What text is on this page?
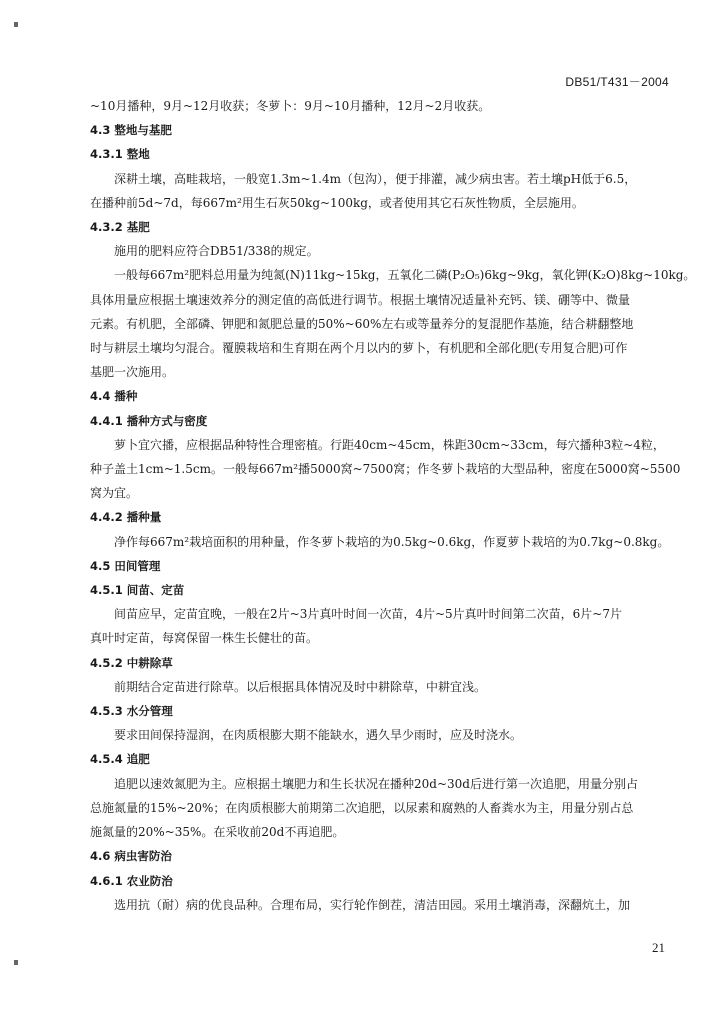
DB51/T431－2004

~10月播种，9月~12月收获；冬萝卜：9月~10月播种，12月~2月收获。

4.3 整地与基肥

4.3.1 整地

深耕土壤，高畦栽培，一般宽1.3m~1.4m（包沟），便于排灌，减少病虫害。若土壤pH低于6.5，

在播种前5d~7d，每667m²用生石灰50kg~100kg，或者使用其它石灰性物质，全层施用。

4.3.2 基肥

施用的肥料应符合DB51/338的规定。

一般每667m²肥料总用量为纯氮(N)11kg~15kg，五氧化二磷(P₂O₅)6kg~9kg，氧化钾(K₂O)8kg~10kg。

具体用量应根据土壤速效养分的测定值的高低进行调节。根据土壤情况适量补充钙、镁、硼等中、微量

元素。有机肥，全部磷、钾肥和氮肥总量的50%~60%左右或等量养分的复混肥作基施，结合耕翻整地

时与耕层土壤均匀混合。覆膜栽培和生育期在两个月以内的萝卜，有机肥和全部化肥(专用复合肥)可作

基肥一次施用。

4.4 播种

4.4.1 播种方式与密度

萝卜宜穴播，应根据品种特性合理密植。行距40cm~45cm，株距30cm~33cm，每穴播种3粒~4粒，

种子盖土1cm~1.5cm。一般每667m²播5000窝~7500窝；作冬萝卜栽培的大型品种，密度在5000窝~5500

窝为宜。

4.4.2 播种量

净作每667m²栽培面积的用种量，作冬萝卜栽培的为0.5kg~0.6kg，作夏萝卜栽培的为0.7kg~0.8kg。

4.5 田间管理

4.5.1 间苗、定苗

间苗应早，定苗宜晚，一般在2片~3片真叶时间一次苗，4片~5片真叶时间第二次苗，6片~7片

真叶时定苗，每窝保留一株生长健壮的苗。

4.5.2 中耕除草

前期结合定苗进行除草。以后根据具体情况及时中耕除草，中耕宜浅。

4.5.3 水分管理

要求田间保持湿润，在肉质根膨大期不能缺水，遇久旱少雨时，应及时浇水。

4.5.4 追肥

追肥以速效氮肥为主。应根据土壤肥力和生长状况在播种20d~30d后进行第一次追肥，用量分别占

总施氮量的15%~20%；在肉质根膨大前期第二次追肥，以尿素和腐熟的人畜粪水为主，用量分别占总

施氮量的20%~35%。在采收前20d不再追肥。

4.6 病虫害防治

4.6.1 农业防治

选用抗（耐）病的优良品种。合理布局，实行轮作倒茬，清洁田园。采用土壤消毒，深翻炕土，加

21
